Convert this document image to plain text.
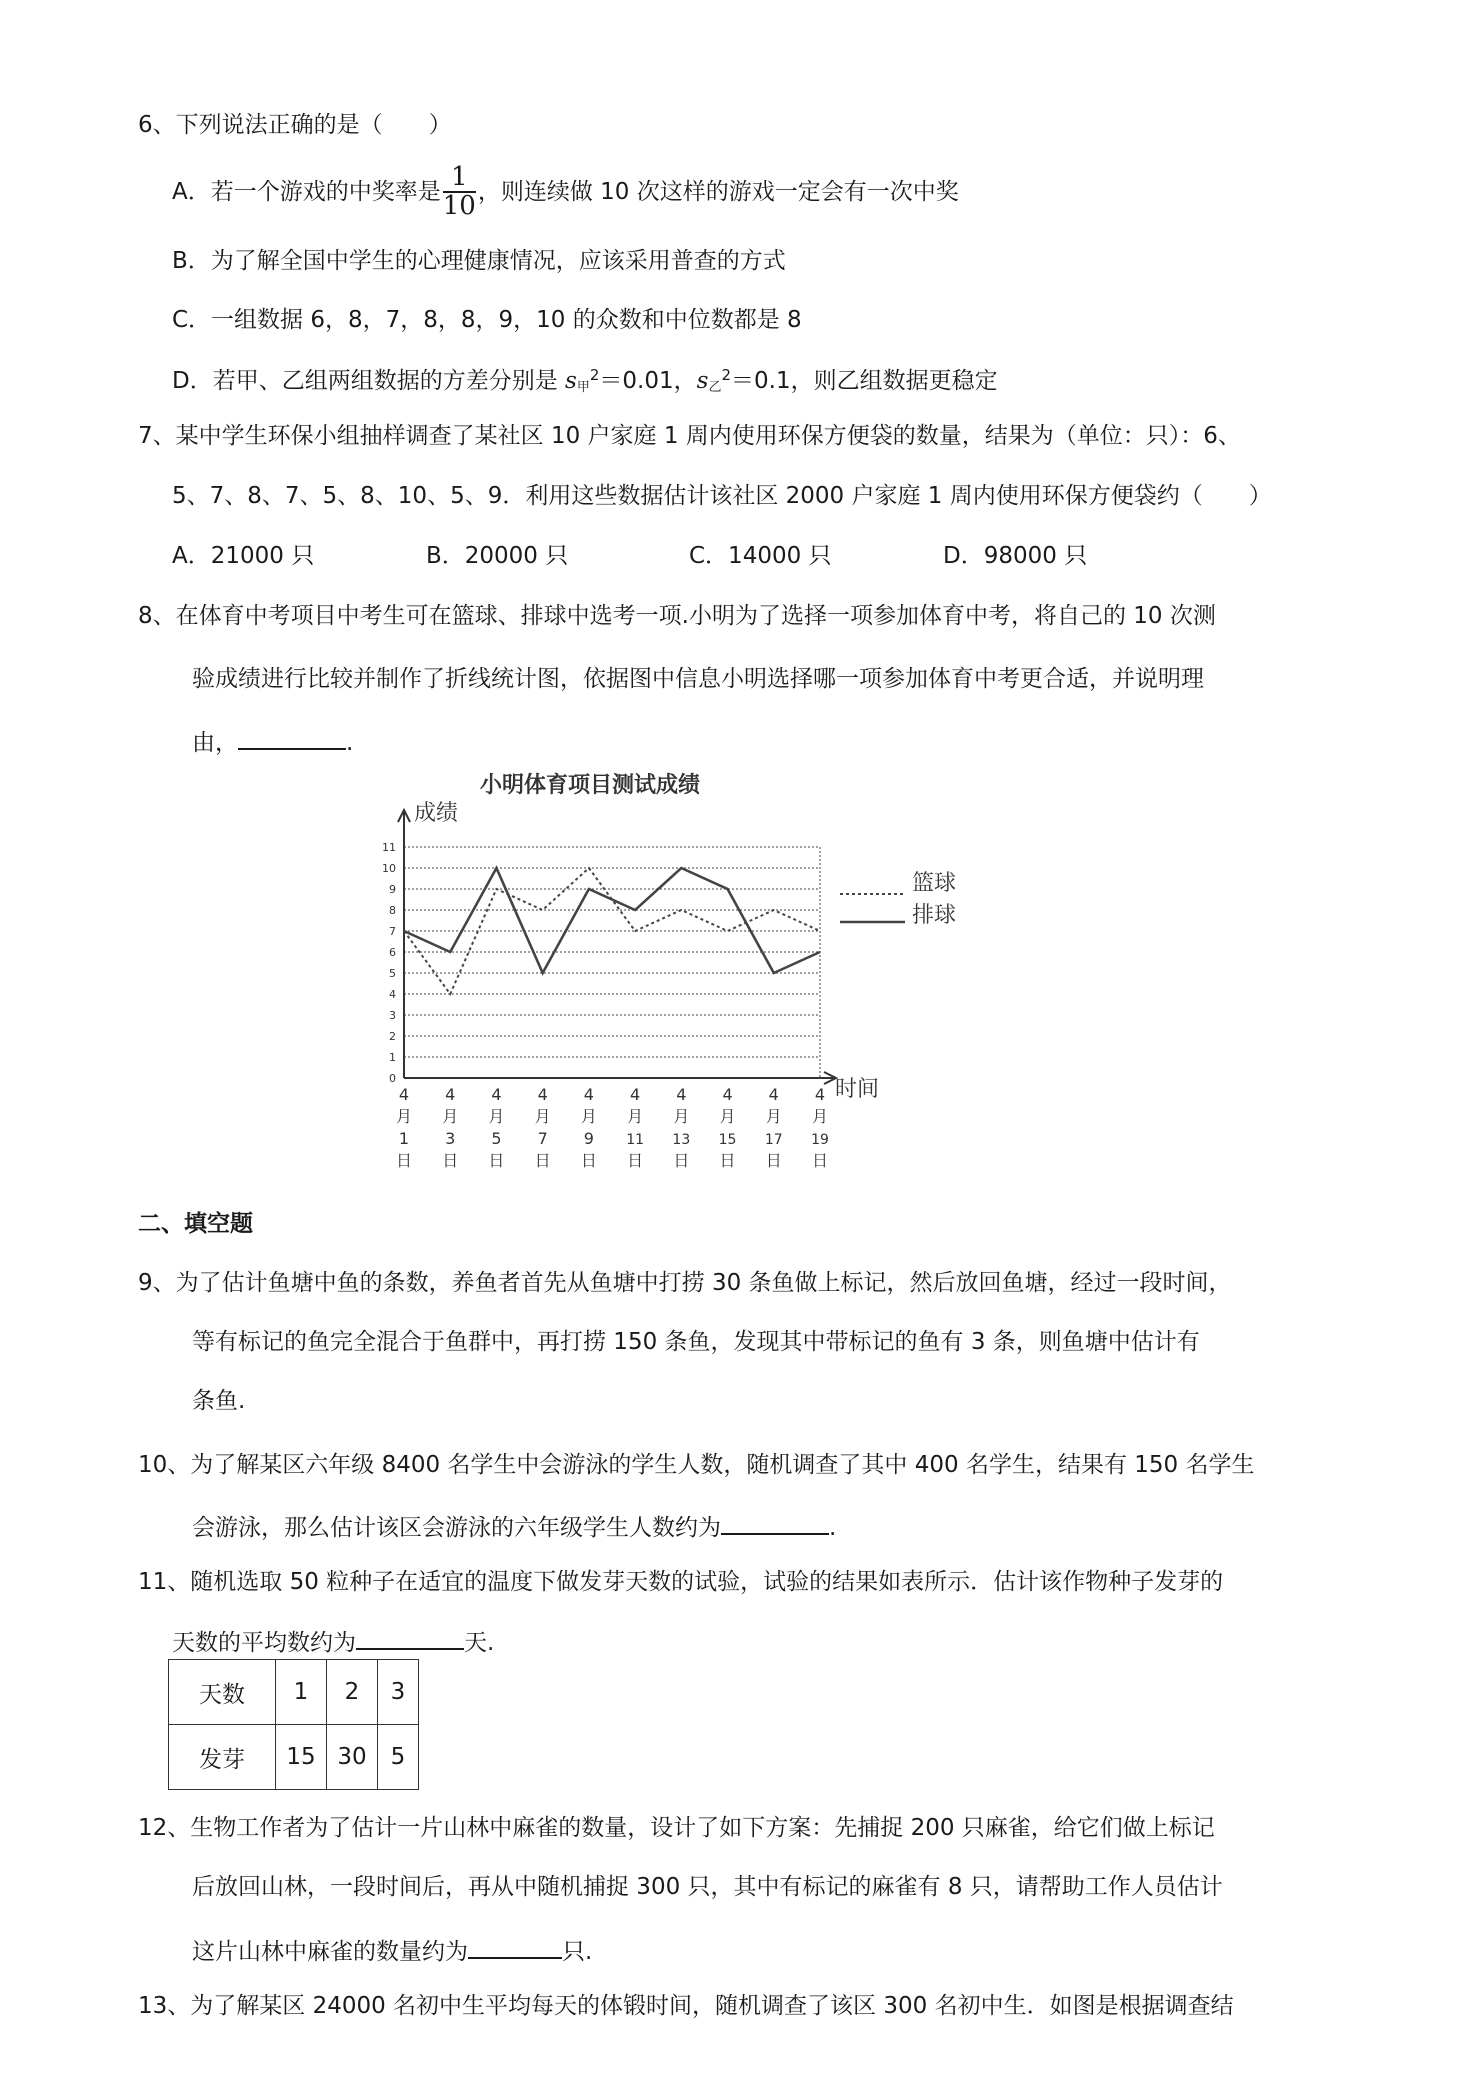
6、下列说法正确的是（　　）
A．若一个游戏的中奖率是 $\frac{1}{10}$ ，则连续做 10 次这样的游戏一定会有一次中奖
B．为了解全国中学生的心理健康情况，应该采用普查的方式
C．一组数据 6，8，7，8，8，9，10 的众数和中位数都是 8
D．若甲、乙组两组数据的方差分别是 $s_甲^2=0.01$，$s_乙^2=0.1$，则乙组数据更稳定
7、某中学生环保小组抽样调查了某社区 10 户家庭 1 周内使用环保方便袋的数量，结果为（单位：只）：6、
5、7、8、7、5、8、10、5、9．利用这些数据估计该社区 2000 户家庭 1 周内使用环保方便袋约（　　）
A．21000 只	B．20000 只	C．14000 只	D．98000 只
8、在体育中考项目中考生可在篮球、排球中选考一项.小明为了选择一项参加体育中考，将自己的 10 次测
验成绩进行比较并制作了折线统计图，依据图中信息小明选择哪一项参加体育中考更合适，并说明理
由，	.
小明体育项目测试成绩
成绩
时间
0
1
2
3
4
5
6
7
8
9
10
11
4
月
1
日
4
月
3
日
4
月
5
日
4
月
7
日
4
月
9
日
4
月
11
日
4
月
13
日
4
月
15
日
4
月
17
日
4
月
19
日
篮球
排球
二、填空题
9、为了估计鱼塘中鱼的条数，养鱼者首先从鱼塘中打捞 30 条鱼做上标记，然后放回鱼塘，经过一段时间，
等有标记的鱼完全混合于鱼群中，再打捞 150 条鱼，发现其中带标记的鱼有 3 条，则鱼塘中估计有
条鱼.
10、为了解某区六年级 8400 名学生中会游泳的学生人数，随机调查了其中 400 名学生，结果有 150 名学生
会游泳，那么估计该区会游泳的六年级学生人数约为	.
11、随机选取 50 粒种子在适宜的温度下做发芽天数的试验，试验的结果如表所示．估计该作物种子发芽的
天数的平均数约为	天.
天数	1	2	3
发芽	15	30	5
12、生物工作者为了估计一片山林中麻雀的数量，设计了如下方案：先捕捉 200 只麻雀，给它们做上标记
后放回山林，一段时间后，再从中随机捕捉 300 只，其中有标记的麻雀有 8 只，请帮助工作人员估计
这片山林中麻雀的数量约为	只.
13、为了解某区 24000 名初中生平均每天的体锻时间，随机调查了该区 300 名初中生．如图是根据调查结
